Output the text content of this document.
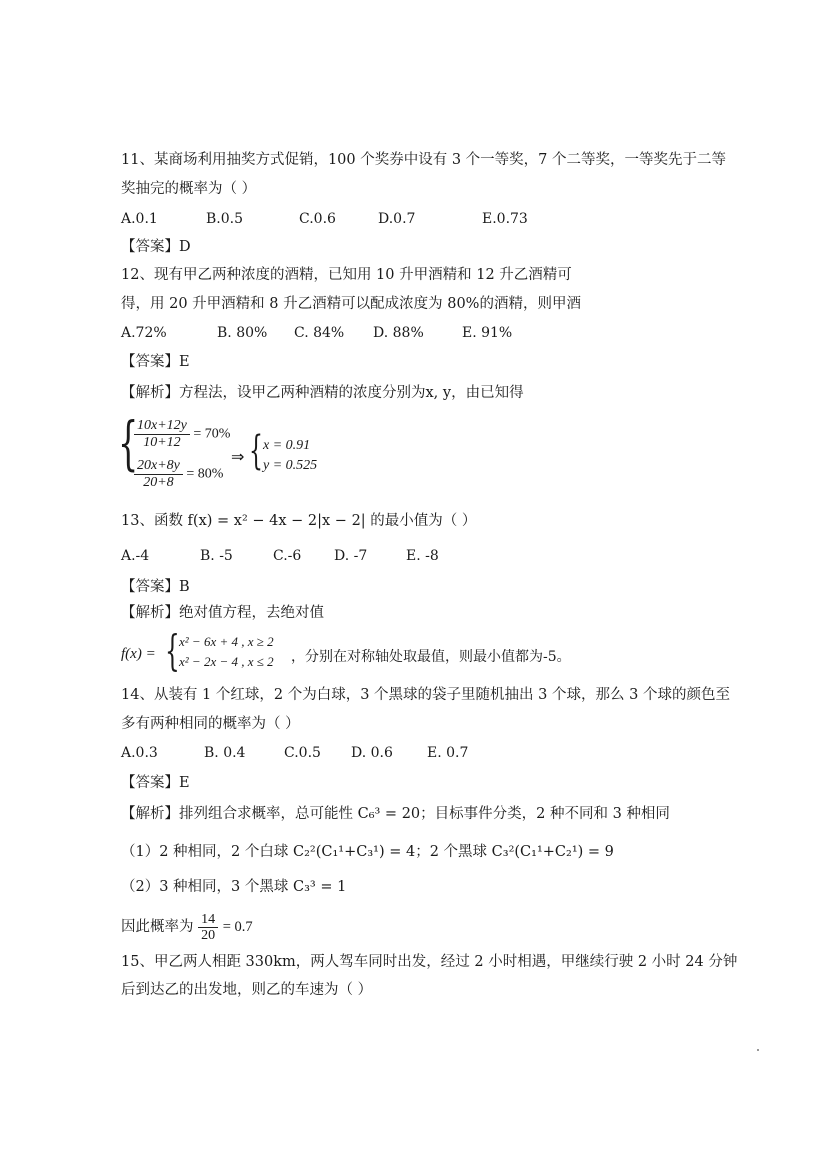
11、某商场利用抽奖方式促销，100 个奖券中设有 3 个一等奖，7 个二等奖，一等奖先于二等
奖抽完的概率为（ ）
A.0.1	B.0.5	C.0.6	D.0.7	E.0.73
【答案】D
12、现有甲乙两种浓度的酒精，已知用 10 升甲酒精和 12 升乙酒精可
得，用 20 升甲酒精和 8 升乙酒精可以配成浓度为 80%的酒精，则甲酒
A.72%	B. 80% C. 84% D. 88%	E. 91%
【答案】E
【解析】方程法，设甲乙两种酒精的浓度分别为x, y，由已知得
{
$\frac{10x+12y}{10+12} = 70\%$
$\frac{20x+8y}{20+8} = 80\%$
⇒ { x = 0.91
y = 0.525
13、函数 f(x) = x² − 4x − 2|x − 2| 的最小值为（ ）
A.-4	B. -5	C.-6 D. -7	E. -8
【答案】B
【解析】绝对值方程，去绝对值
f(x) = { x² − 6x + 4 , x ≥ 2
x² − 2x − 4 , x ≤ 2 ，分别在对称轴处取最值，则最小值都为-5。
14、从装有 1 个红球，2 个为白球，3 个黑球的袋子里随机抽出 3 个球，那么 3 个球的颜色至
多有两种相同的概率为（ ）
A.0.3	B. 0.4	C.0.5 D. 0.6 E. 0.7
【答案】E
【解析】排列组合求概率，总可能性 C₆³ = 20；目标事件分类，2 种不同和 3 种相同
（1）2 种相同，2 个白球 C₂²(C₁¹+C₃¹) = 4；2 个黑球 C₃²(C₁¹+C₂¹) = 9
（2）3 种相同，3 个黑球 C₃³ = 1
因此概率为 $\frac{14}{20} = 0.7$
15、甲乙两人相距 330km，两人驾车同时出发，经过 2 小时相遇，甲继续行驶 2 小时 24 分钟
后到达乙的出发地，则乙的车速为（ ）
